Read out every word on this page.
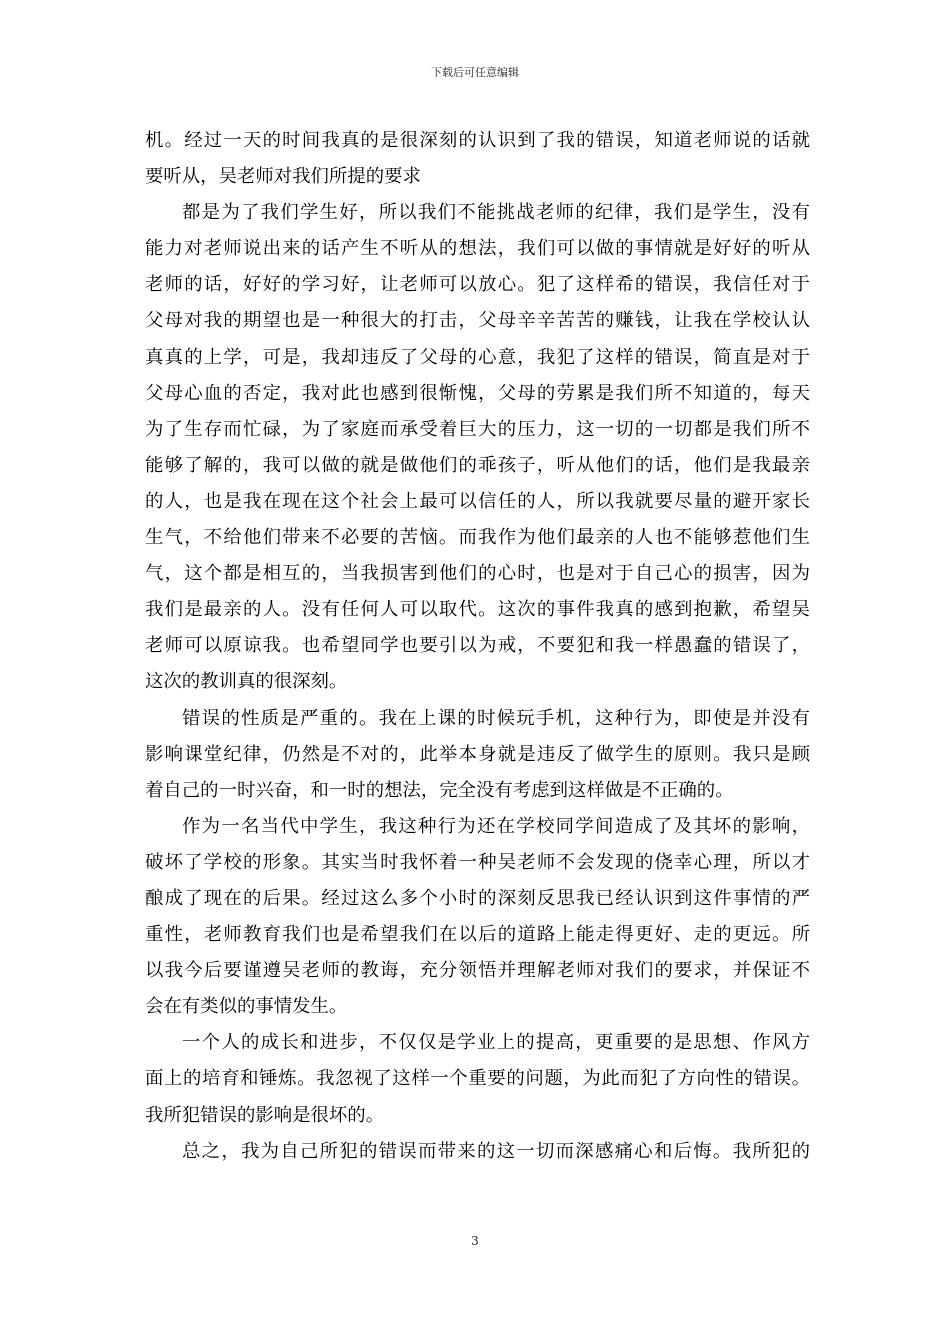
下载后可任意编辑
机。经过一天的时间我真的是很深刻的认识到了我的错误，知道老师说的话就
要听从，吴老师对我们所提的要求
都是为了我们学生好，所以我们不能挑战老师的纪律，我们是学生，没有
能力对老师说出来的话产生不听从的想法，我们可以做的事情就是好好的听从
老师的话，好好的学习好，让老师可以放心。犯了这样希的错误，我信任对于
父母对我的期望也是一种很大的打击，父母辛辛苦苦的赚钱，让我在学校认认
真真的上学，可是，我却违反了父母的心意，我犯了这样的错误，简直是对于
父母心血的否定，我对此也感到很惭愧，父母的劳累是我们所不知道的，每天
为了生存而忙碌，为了家庭而承受着巨大的压力，这一切的一切都是我们所不
能够了解的，我可以做的就是做他们的乖孩子，听从他们的话，他们是我最亲
的人，也是我在现在这个社会上最可以信任的人，所以我就要尽量的避开家长
生气，不给他们带来不必要的苦恼。而我作为他们最亲的人也不能够惹他们生
气，这个都是相互的，当我损害到他们的心时，也是对于自己心的损害，因为
我们是最亲的人。没有任何人可以取代。这次的事件我真的感到抱歉，希望吴
老师可以原谅我。也希望同学也要引以为戒，不要犯和我一样愚蠢的错误了，
这次的教训真的很深刻。
错误的性质是严重的。我在上课的时候玩手机，这种行为，即使是并没有
影响课堂纪律，仍然是不对的，此举本身就是违反了做学生的原则。我只是顾
着自己的一时兴奋，和一时的想法，完全没有考虑到这样做是不正确的。
作为一名当代中学生，我这种行为还在学校同学间造成了及其坏的影响，
破坏了学校的形象。其实当时我怀着一种吴老师不会发现的侥幸心理，所以才
酿成了现在的后果。经过这么多个小时的深刻反思我已经认识到这件事情的严
重性，老师教育我们也是希望我们在以后的道路上能走得更好、走的更远。所
以我今后要谨遵吴老师的教诲，充分领悟并理解老师对我们的要求，并保证不
会在有类似的事情发生。
一个人的成长和进步，不仅仅是学业上的提高，更重要的是思想、作风方
面上的培育和锤炼。我忽视了这样一个重要的问题，为此而犯了方向性的错误。
我所犯错误的影响是很坏的。
总之，我为自己所犯的错误而带来的这一切而深感痛心和后悔。我所犯的
3
